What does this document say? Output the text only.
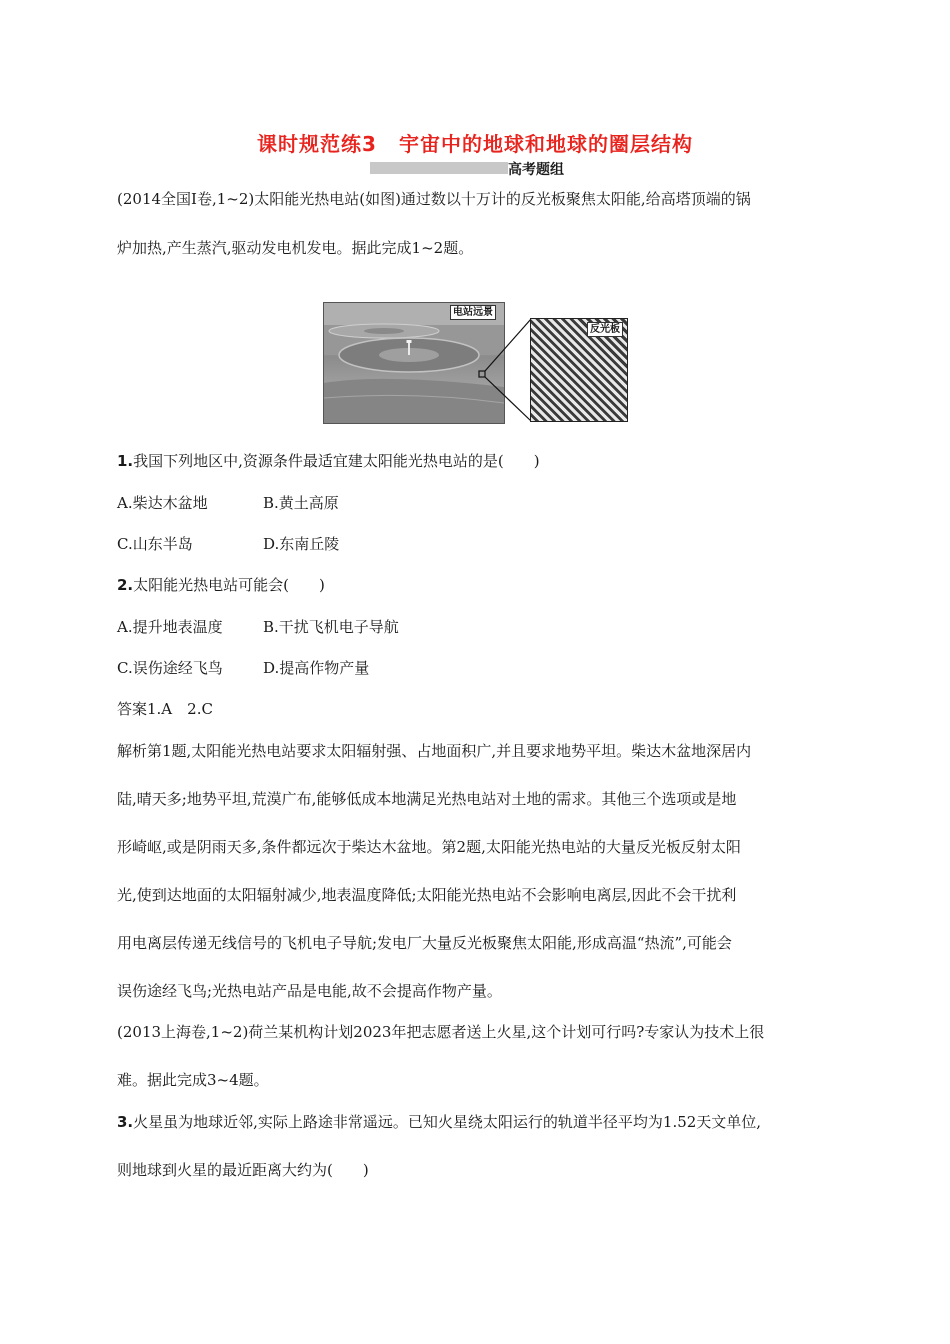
课时规范练3 宇宙中的地球和地球的圈层结构
高考题组
(2014全国Ⅰ卷,1~2)太阳能光热电站(如图)通过数以十万计的反光板聚焦太阳能,给高塔顶端的锅
炉加热,产生蒸汽,驱动发电机发电。据此完成1~2题。
电站远景
反光板
1.我国下列地区中,资源条件最适宜建太阳能光热电站的是(　　)
A.柴达木盆地	B.黄土高原
C.山东半岛	D.东南丘陵
2.太阳能光热电站可能会(　　)
A.提升地表温度	B.干扰飞机电子导航
C.误伤途经飞鸟	D.提高作物产量
答案1.A　2.C
解析第1题,太阳能光热电站要求太阳辐射强、占地面积广,并且要求地势平坦。柴达木盆地深居内
陆,晴天多;地势平坦,荒漠广布,能够低成本地满足光热电站对土地的需求。其他三个选项或是地
形崎岖,或是阴雨天多,条件都远次于柴达木盆地。第2题,太阳能光热电站的大量反光板反射太阳
光,使到达地面的太阳辐射减少,地表温度降低;太阳能光热电站不会影响电离层,因此不会干扰利
用电离层传递无线信号的飞机电子导航;发电厂大量反光板聚焦太阳能,形成高温“热流”,可能会
误伤途经飞鸟;光热电站产品是电能,故不会提高作物产量。
(2013上海卷,1~2)荷兰某机构计划2023年把志愿者送上火星,这个计划可行吗?专家认为技术上很
难。据此完成3~4题。
3.火星虽为地球近邻,实际上路途非常遥远。已知火星绕太阳运行的轨道半径平均为1.52天文单位,
则地球到火星的最近距离大约为(　　)
